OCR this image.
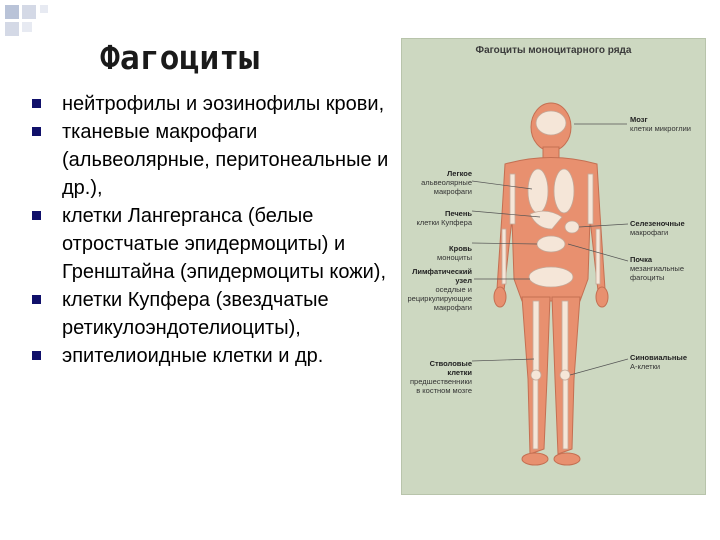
Фагоциты
нейтрофилы и эозинофилы крови,
тканевые макрофаги (альвеолярные, перитонеальные и др.),
клетки Лангерганса (белые отростчатые эпидермоциты) и Гренштайна (эпидермоциты кожи),
клетки Купфера (звездчатые ретикулоэндотелиоциты),
эпителиоидные клетки и др.
Фагоциты моноцитарного ряда
Мозг
клетки микроглии
Легкое
альвеолярные макрофаги
Печень
клетки Купфера
Кровь
моноциты
Лимфатический узел
оседлые и рециркулирующие макрофаги
Стволовые клетки
предшественники в костном мозге
Селезеночные
макрофаги
Почка
мезангиальные фагоциты
Синовиальные
А-клетки
